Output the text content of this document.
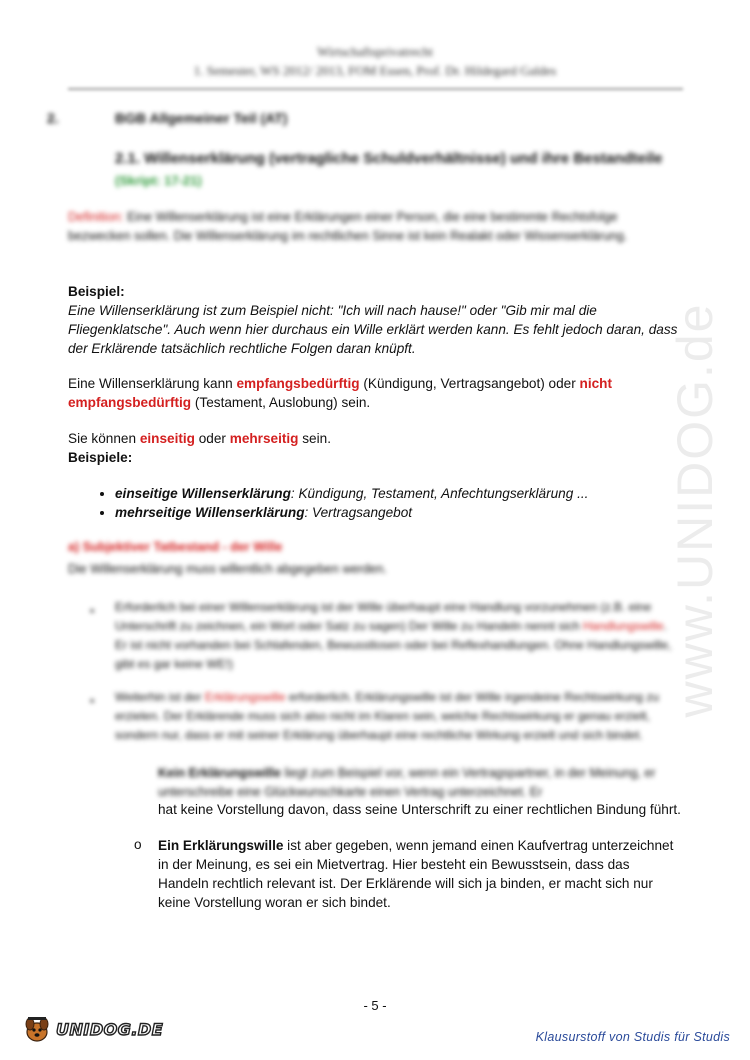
www.UNIDOG.de
Wirtschaftsprivatrecht
1. Semester, WS 2012/ 2013, FOM Essen, Prof. Dr. Hildegard Galdes
2.	BGB Allgemeiner Teil (AT)
2.1. Willenserklärung (vertragliche Schuldverhältnisse) und ihre Bestandteile
(Skript: 17-21)
Definition: Eine Willenserklärung ist eine Erklärungen einer Person, die eine bestimmte Rechtsfolge bezwecken sollen. Die Willenserklärung im rechtlichen Sinne ist kein Realakt oder Wissenserklärung.
Beispiel:
Eine Willenserklärung ist zum Beispiel nicht: "Ich will nach hause!" oder "Gib mir mal die Fliegenklatsche". Auch wenn hier durchaus ein Wille erklärt werden kann. Es fehlt jedoch daran, dass der Erklärende tatsächlich rechtliche Folgen daran knüpft.
Eine Willenserklärung kann empfangsbedürftig (Kündigung, Vertragsangebot) oder nicht empfangsbedürftig (Testament, Auslobung) sein.
Sie können einseitig oder mehrseitig sein.
Beispiele:
• einseitige Willenserklärung: Kündigung, Testament, Anfechtungserklärung ...
• mehrseitige Willenserklärung: Vertragsangebot
a) Subjektiver Tatbestand - der Wille
Die Willenserklärung muss willentlich abgegeben werden.
• Erforderlich bei einer Willenserklärung ist der Wille überhaupt eine Handlung vorzunehmen (z.B. eine Unterschrift zu zeichnen, ein Wort oder Satz zu sagen) Der Wille zu Handeln nennt sich Handlungswille. Er ist nicht vorhanden bei Schlafenden, Bewusstlosen oder bei Reflexhandlungen. Ohne Handlungswille, gibt es gar keine WE!)
• Weiterhin ist der Erklärungswille erforderlich. Erklärungswille ist der Wille irgendeine Rechtswirkung zu erzielen. Der Erklärende muss sich also nicht im Klaren sein, welche Rechtswirkung er genau erzielt, sondern nur, dass er mit seiner Erklärung überhaupt eine rechtliche Wirkung erzielt und sich bindet.
Kein Erklärungswille liegt zum Beispiel vor, wenn ein Vertragspartner, in der Meinung, er unterschreibe eine Glückwunschkarte einen Vertrag unterzeichnet. Er
hat keine Vorstellung davon, dass seine Unterschrift zu einer rechtlichen Bindung führt.
o Ein Erklärungswille ist aber gegeben, wenn jemand einen Kaufvertrag unterzeichnet in der Meinung, es sei ein Mietvertrag. Hier besteht ein Bewusstsein, dass das Handeln rechtlich relevant ist. Der Erklärende will sich ja binden, er macht sich nur keine Vorstellung woran er sich bindet.
- 5 -
UNIDOG.DE	Klausurstoff von Studis für Studis
